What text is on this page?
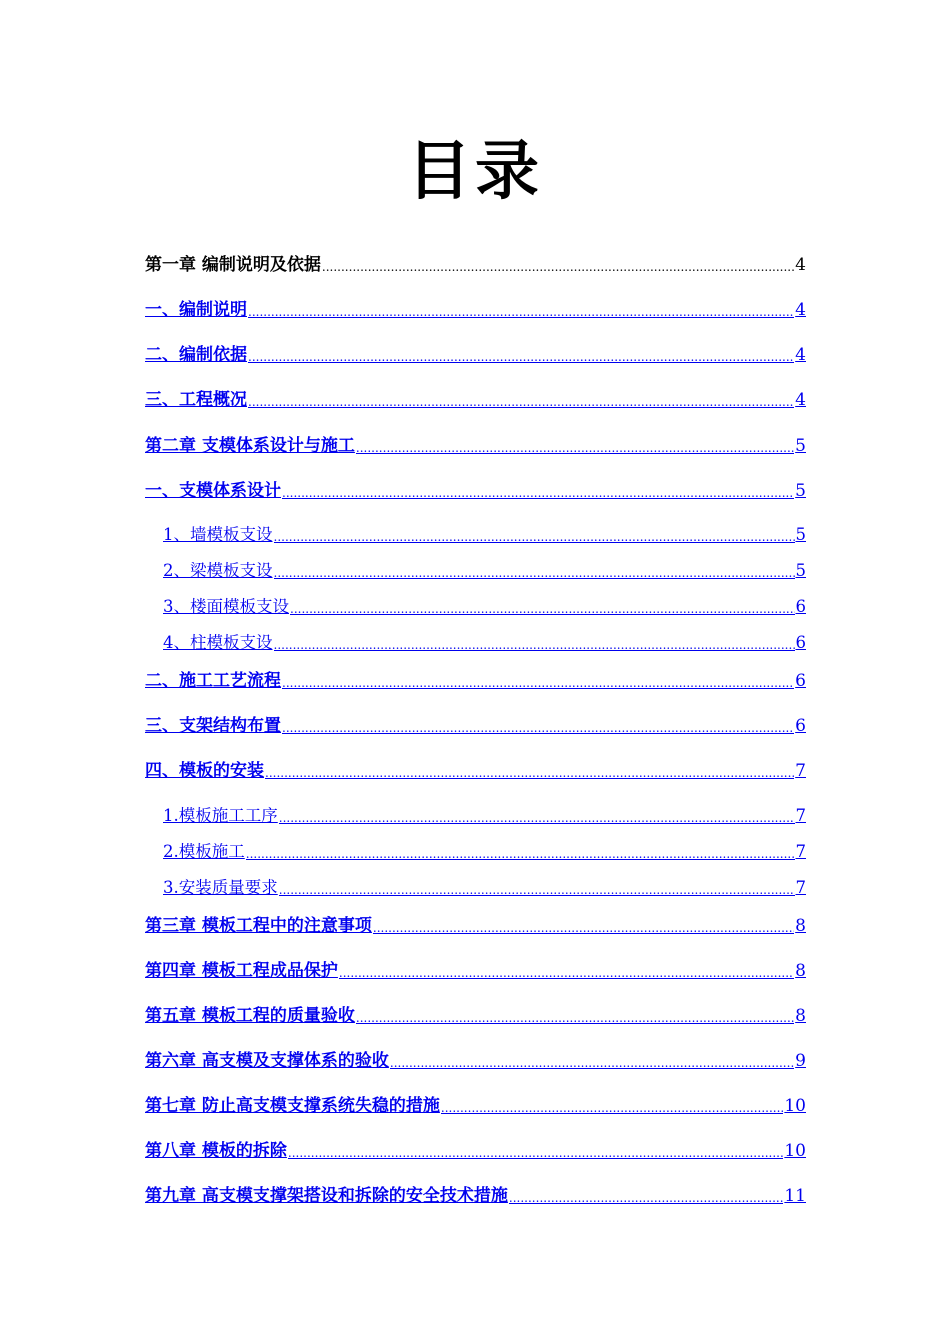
目录
第一章 编制说明及依据 .....	4
一、编制说明 .....	4
二、编制依据 .....	4
三、工程概况 .....	4
第二章 支模体系设计与施工 .....	5
一、支模体系设计 .....	5
1、墙模板支设 .....	5
2、梁模板支设 .....	5
3、楼面模板支设 .....	6
4、柱模板支设 .....	6
二、施工工艺流程 .....	6
三、支架结构布置 .....	6
四、模板的安装 .....	7
1.模板施工工序 .....	7
2.模板施工 .....	7
3.安装质量要求 .....	7
第三章 模板工程中的注意事项 .....	8
第四章 模板工程成品保护 .....	8
第五章 模板工程的质量验收 .....	8
第六章 高支模及支撑体系的验收 .....	9
第七章 防止高支模支撑系统失稳的措施 .....	10
第八章 模板的拆除 .....	10
第九章 高支模支撑架搭设和拆除的安全技术措施 .....	11
